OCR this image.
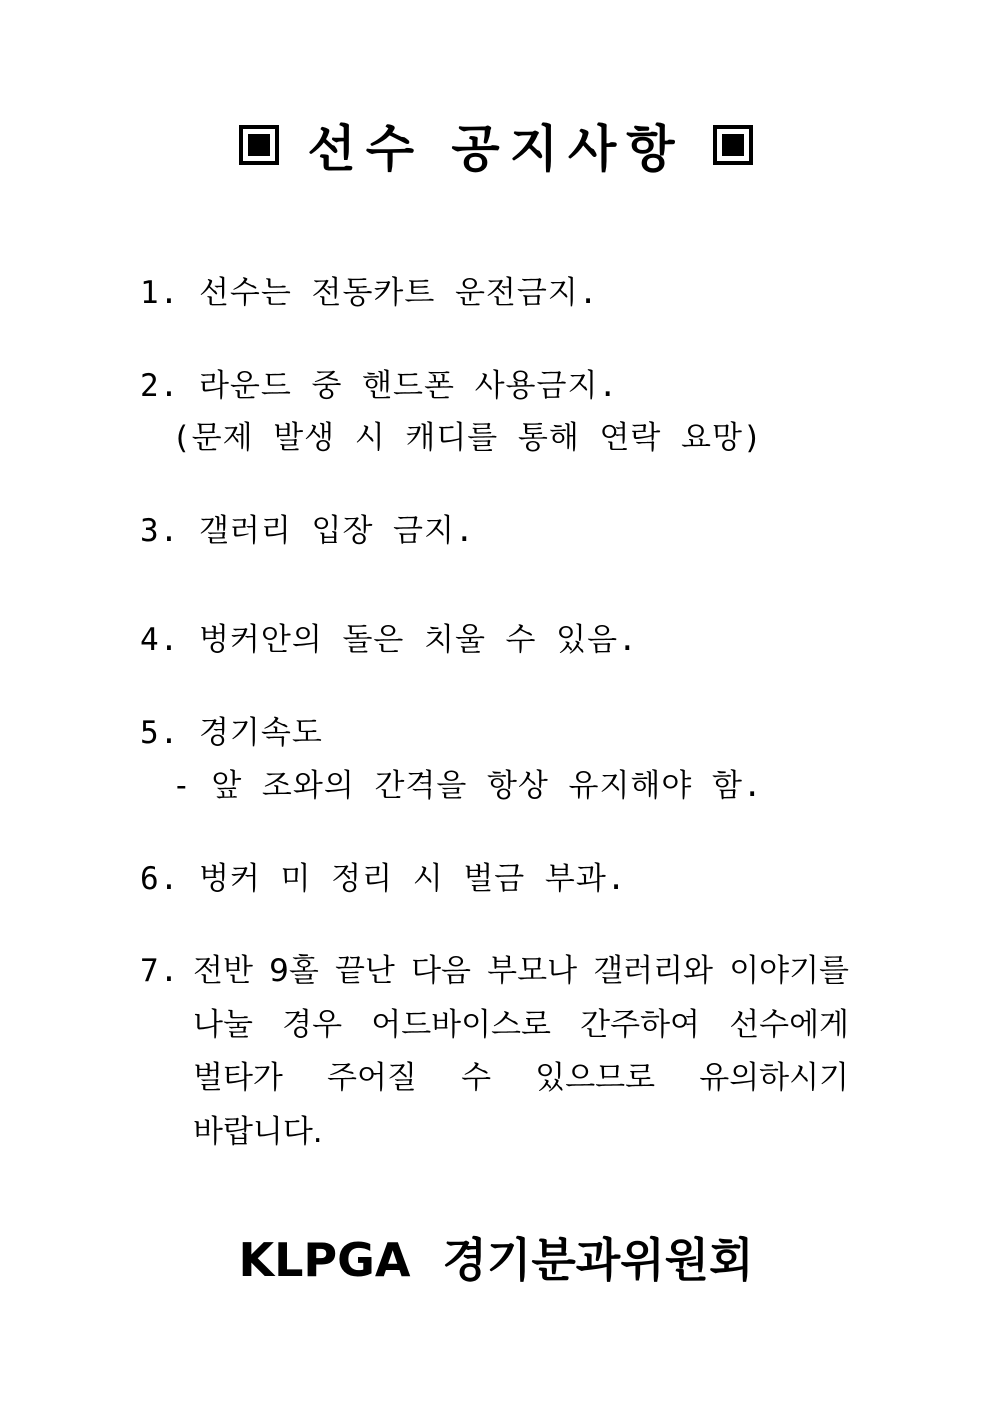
선수 공지사항
1. 선수는 전동카트 운전금지.
2. 라운드 중 핸드폰 사용금지.
(문제 발생 시 캐디를 통해 연락 요망)
3. 갤러리 입장 금지.
4. 벙커안의 돌은 치울 수 있음.
5. 경기속도
- 앞 조와의 간격을 항상 유지해야 함.
6. 벙커 미 정리 시 벌금 부과.
7. 전반 9홀 끝난 다음 부모나 갤러리와 이야기를
나눌 경우 어드바이스로 간주하여 선수에게
벌타가 주어질 수 있으므로 유의하시기
바랍니다.
KLPGA  경기분과위원회
